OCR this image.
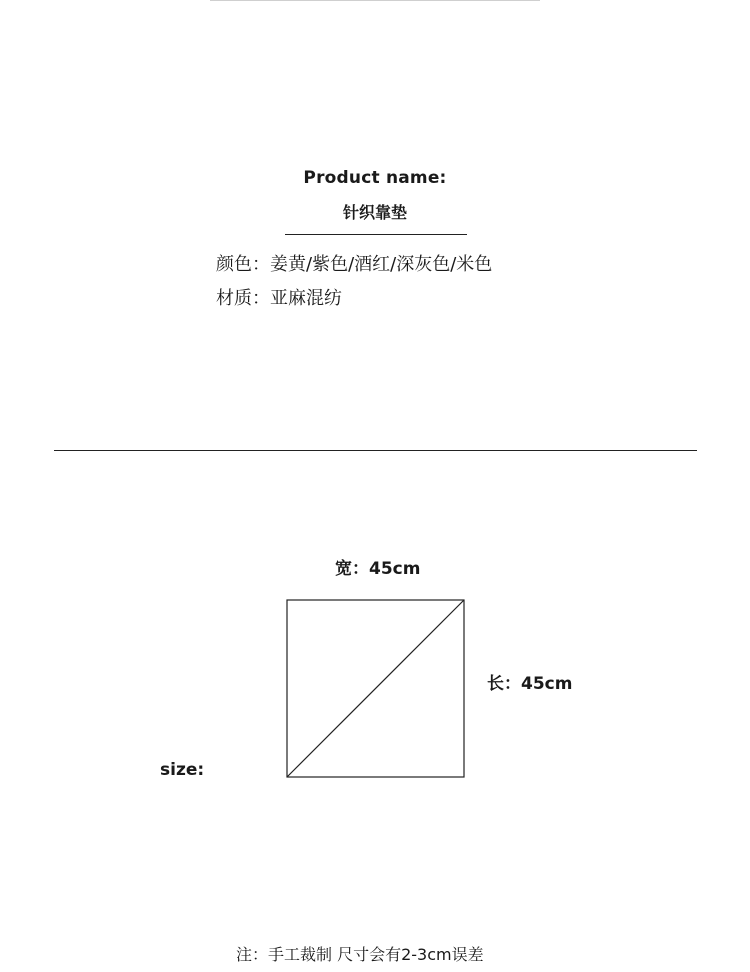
Product name:
针织靠垫
颜色：姜黄/紫色/酒红/深灰色/米色
材质：亚麻混纺
宽：45cm
长：45cm
size:
注：手工裁制 尺寸会有2-3cm误差
